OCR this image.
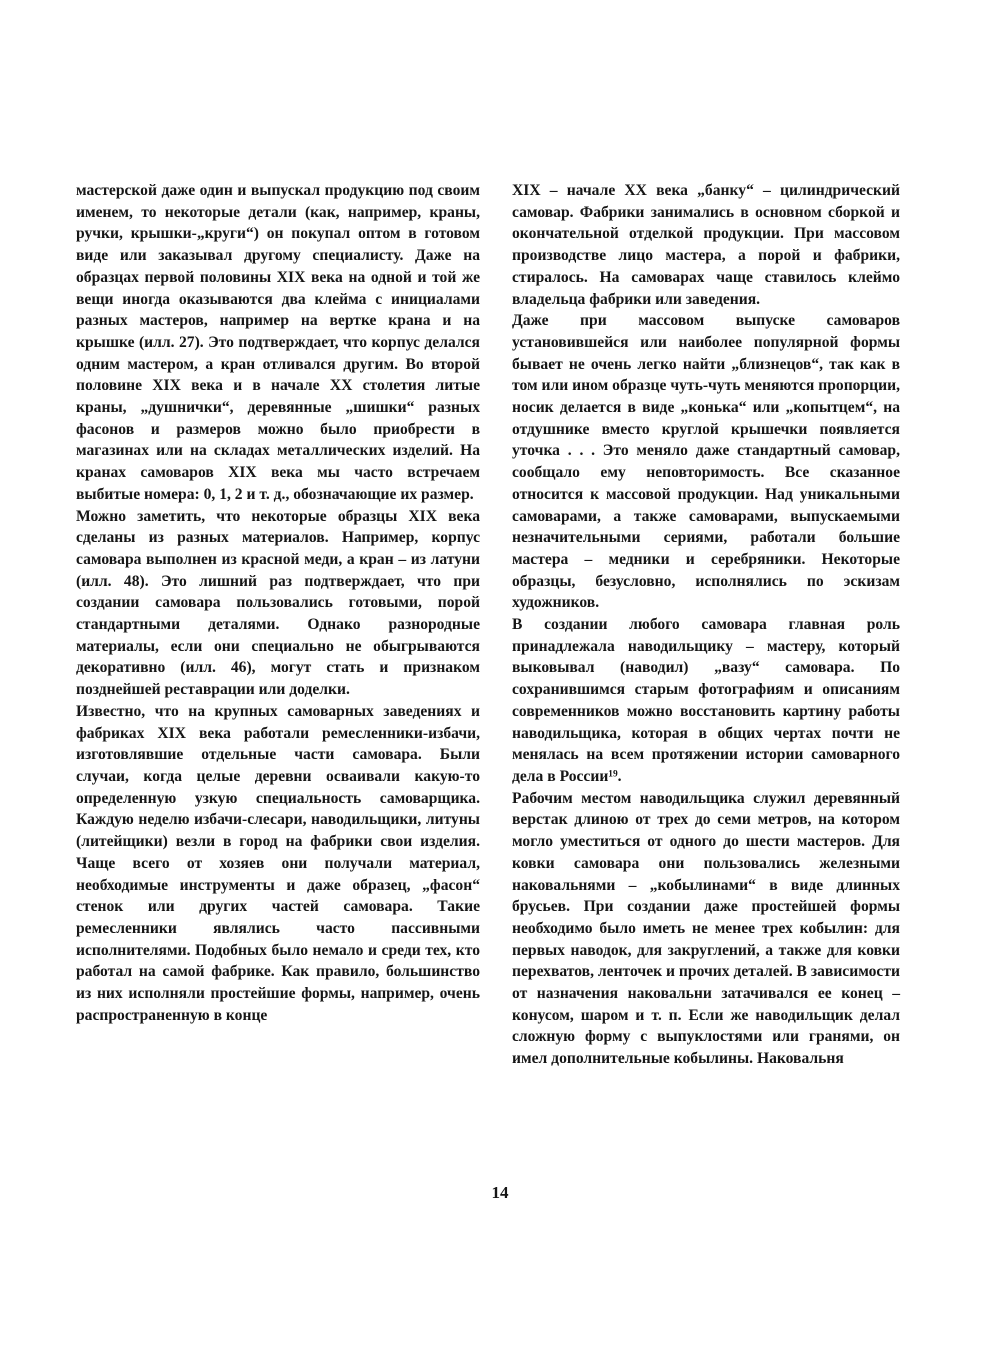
мастерской даже один и выпускал продукцию под своим именем, то некоторые детали (как, например, краны, ручки, крышки-„круги“) он покупал оптом в готовом виде или заказывал другому специалисту. Даже на образцах первой половины XIX века на одной и той же вещи иногда оказываются два клейма с инициалами разных мастеров, например на вертке крана и на крышке (илл. 27). Это подтверждает, что корпус делался одним мастером, а кран отливался другим. Во второй половине XIX века и в начале XX столетия литые краны, „душнички“, деревянные „шишки“ разных фасонов и размеров можно было приобрести в магазинах или на складах металлических изделий. На кранах самоваров XIX века мы часто встречаем выбитые номера: 0, 1, 2 и т. д., обозначающие их размер.

Можно заметить, что некоторые образцы XIX века сделаны из разных материалов. Например, корпус самовара выполнен из красной меди, а кран – из латуни (илл. 48). Это лишний раз подтверждает, что при создании самовара пользовались готовыми, порой стандартными деталями. Однако разнородные материалы, если они специально не обыгрываются декоративно (илл. 46), могут стать и признаком позднейшей реставрации или доделки.

Известно, что на крупных самоварных заведениях и фабриках XIX века работали ремесленники-избачи, изготовлявшие отдельные части самовара. Были случаи, когда целые деревни осваивали какую-то определенную узкую специальность самоварщика. Каждую неделю избачи-слесари, наводильщики, литуны (литейщики) везли в город на фабрики свои изделия. Чаще всего от хозяев они получали материал, необходимые инструменты и даже образец, „фасон“ стенок или других частей самовара. Такие ремесленники являлись часто пассивными исполнителями. Подобных было немало и среди тех, кто работал на самой фабрике. Как правило, большинство из них исполняли простейшие формы, например, очень распространенную в конце

XIX – начале XX века „банку“ – цилиндрический самовар. Фабрики занимались в основном сборкой и окончательной отделкой продукции. При массовом производстве лицо мастера, а порой и фабрики, стиралось. На самоварах чаще ставилось клеймо владельца фабрики или заведения.

Даже при массовом выпуске самоваров установившейся или наиболее популярной формы бывает не очень легко найти „близнецов“, так как в том или ином образце чуть-чуть меняются пропорции, носик делается в виде „конька“ или „копытцем“, на отдушнике вместо круглой крышечки появляется уточка . . . Это меняло даже стандартный самовар, сообщало ему неповторимость. Все сказанное относится к массовой продукции. Над уникальными самоварами, а также самоварами, выпускаемыми незначительными сериями, работали большие мастера – медники и серебряники. Некоторые образцы, безусловно, исполнялись по эскизам художников.

В создании любого самовара главная роль принадлежала наводильщику – мастеру, который выковывал (наводил) „вазу“ самовара. По сохранившимся старым фотографиям и описаниям современников можно восстановить картину работы наводильщика, которая в общих чертах почти не менялась на всем протяжении истории самоварного дела в России¹⁹.

Рабочим местом наводильщика служил деревянный верстак длиною от трех до семи метров, на котором могло уместиться от одного до шести мастеров. Для ковки самовара они пользовались железными наковальнями – „кобылинами“ в виде длинных брусьев. При создании даже простейшей формы необходимо было иметь не менее трех кобылин: для первых наводок, для закруглений, а также для ковки перехватов, ленточек и прочих деталей. В зависимости от назначения наковальни затачивался ее конец – конусом, шаром и т. п. Если же наводильщик делал сложную форму с выпуклостями или гранями, он имел дополнительные кобылины. Наковальня

14
